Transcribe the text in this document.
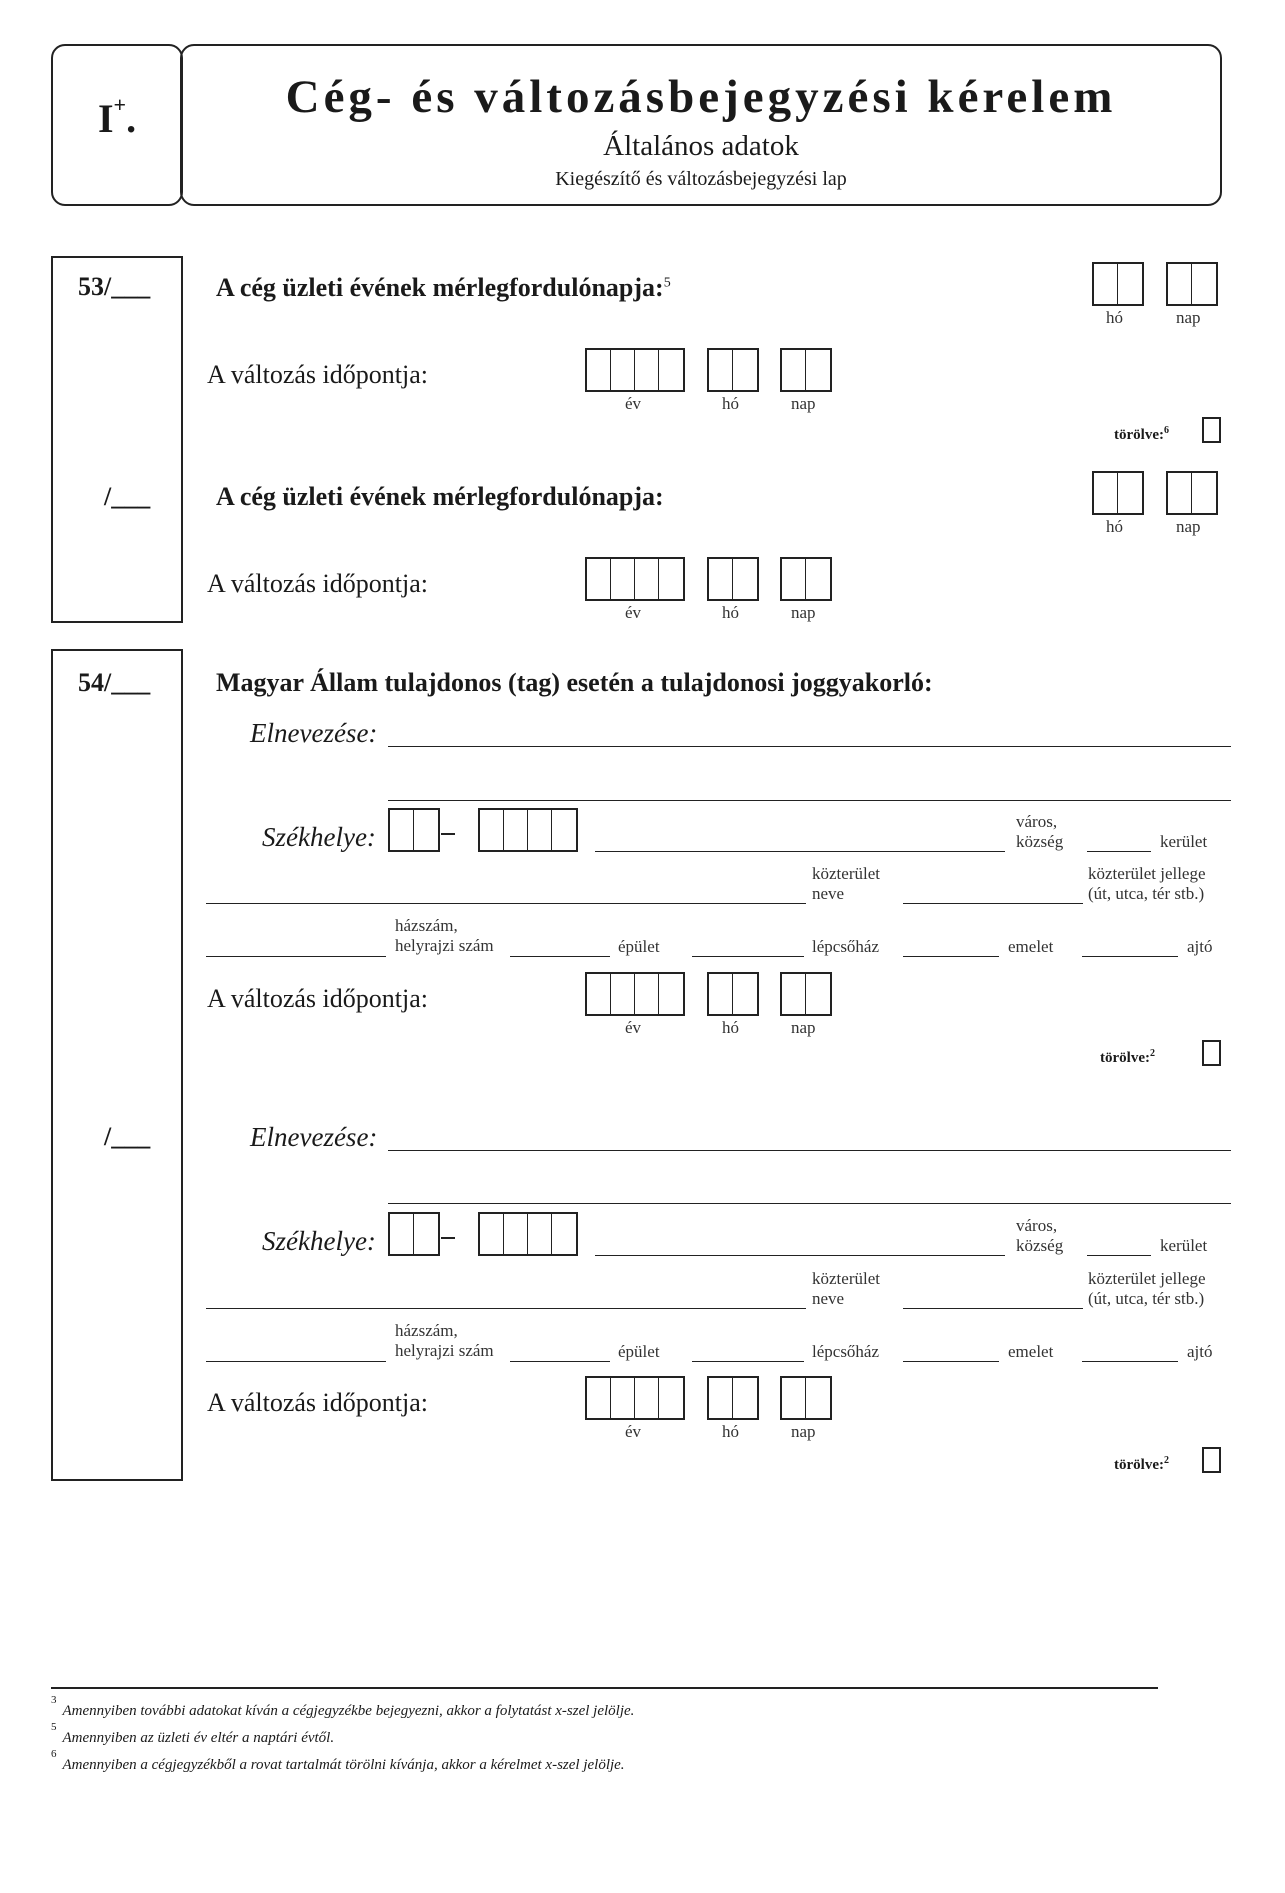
I+.	Cég- és változásbejegyzési kérelem
Általános adatok
Kiegészítő és változásbejegyzési lap
53/___
/___
A cég üzleti évének mérlegfordulónapja:$^5$
hó	nap
A változás időpontja:
év	hó	nap
törölve:$^6$
A cég üzleti évének mérlegfordulónapja:
hó	nap
A változás időpontja:
év	hó	nap
54/___
/___
Magyar Állam tulajdonos (tag) esetén a tulajdonosi joggyakorló:
Elnevezése:
Székhelye:
város,
község	kerület
közterület
neve
közterület jellege
(út, utca, tér stb.)
házszám,
helyrajzi szám	épület	lépcsőház	emelet	ajtó
A változás időpontja:
év	hó	nap
törölve:$^2$
Elnevezése:
Székhelye:
város,
község	kerület
közterület
neve
közterület jellege
(út, utca, tér stb.)
házszám,
helyrajzi szám	épület	lépcsőház	emelet	ajtó
A változás időpontja:
év	hó	nap
törölve:$^2$
$^3$Amennyiben további adatokat kíván a cégjegyzékbe bejegyezni, akkor a folytatást x-szel jelölje.
$^5$Amennyiben az üzleti év eltér a naptári évtől.
$^6$Amennyiben a cégjegyzékből a rovat tartalmát törölni kívánja, akkor a kérelmet x-szel jelölje.
